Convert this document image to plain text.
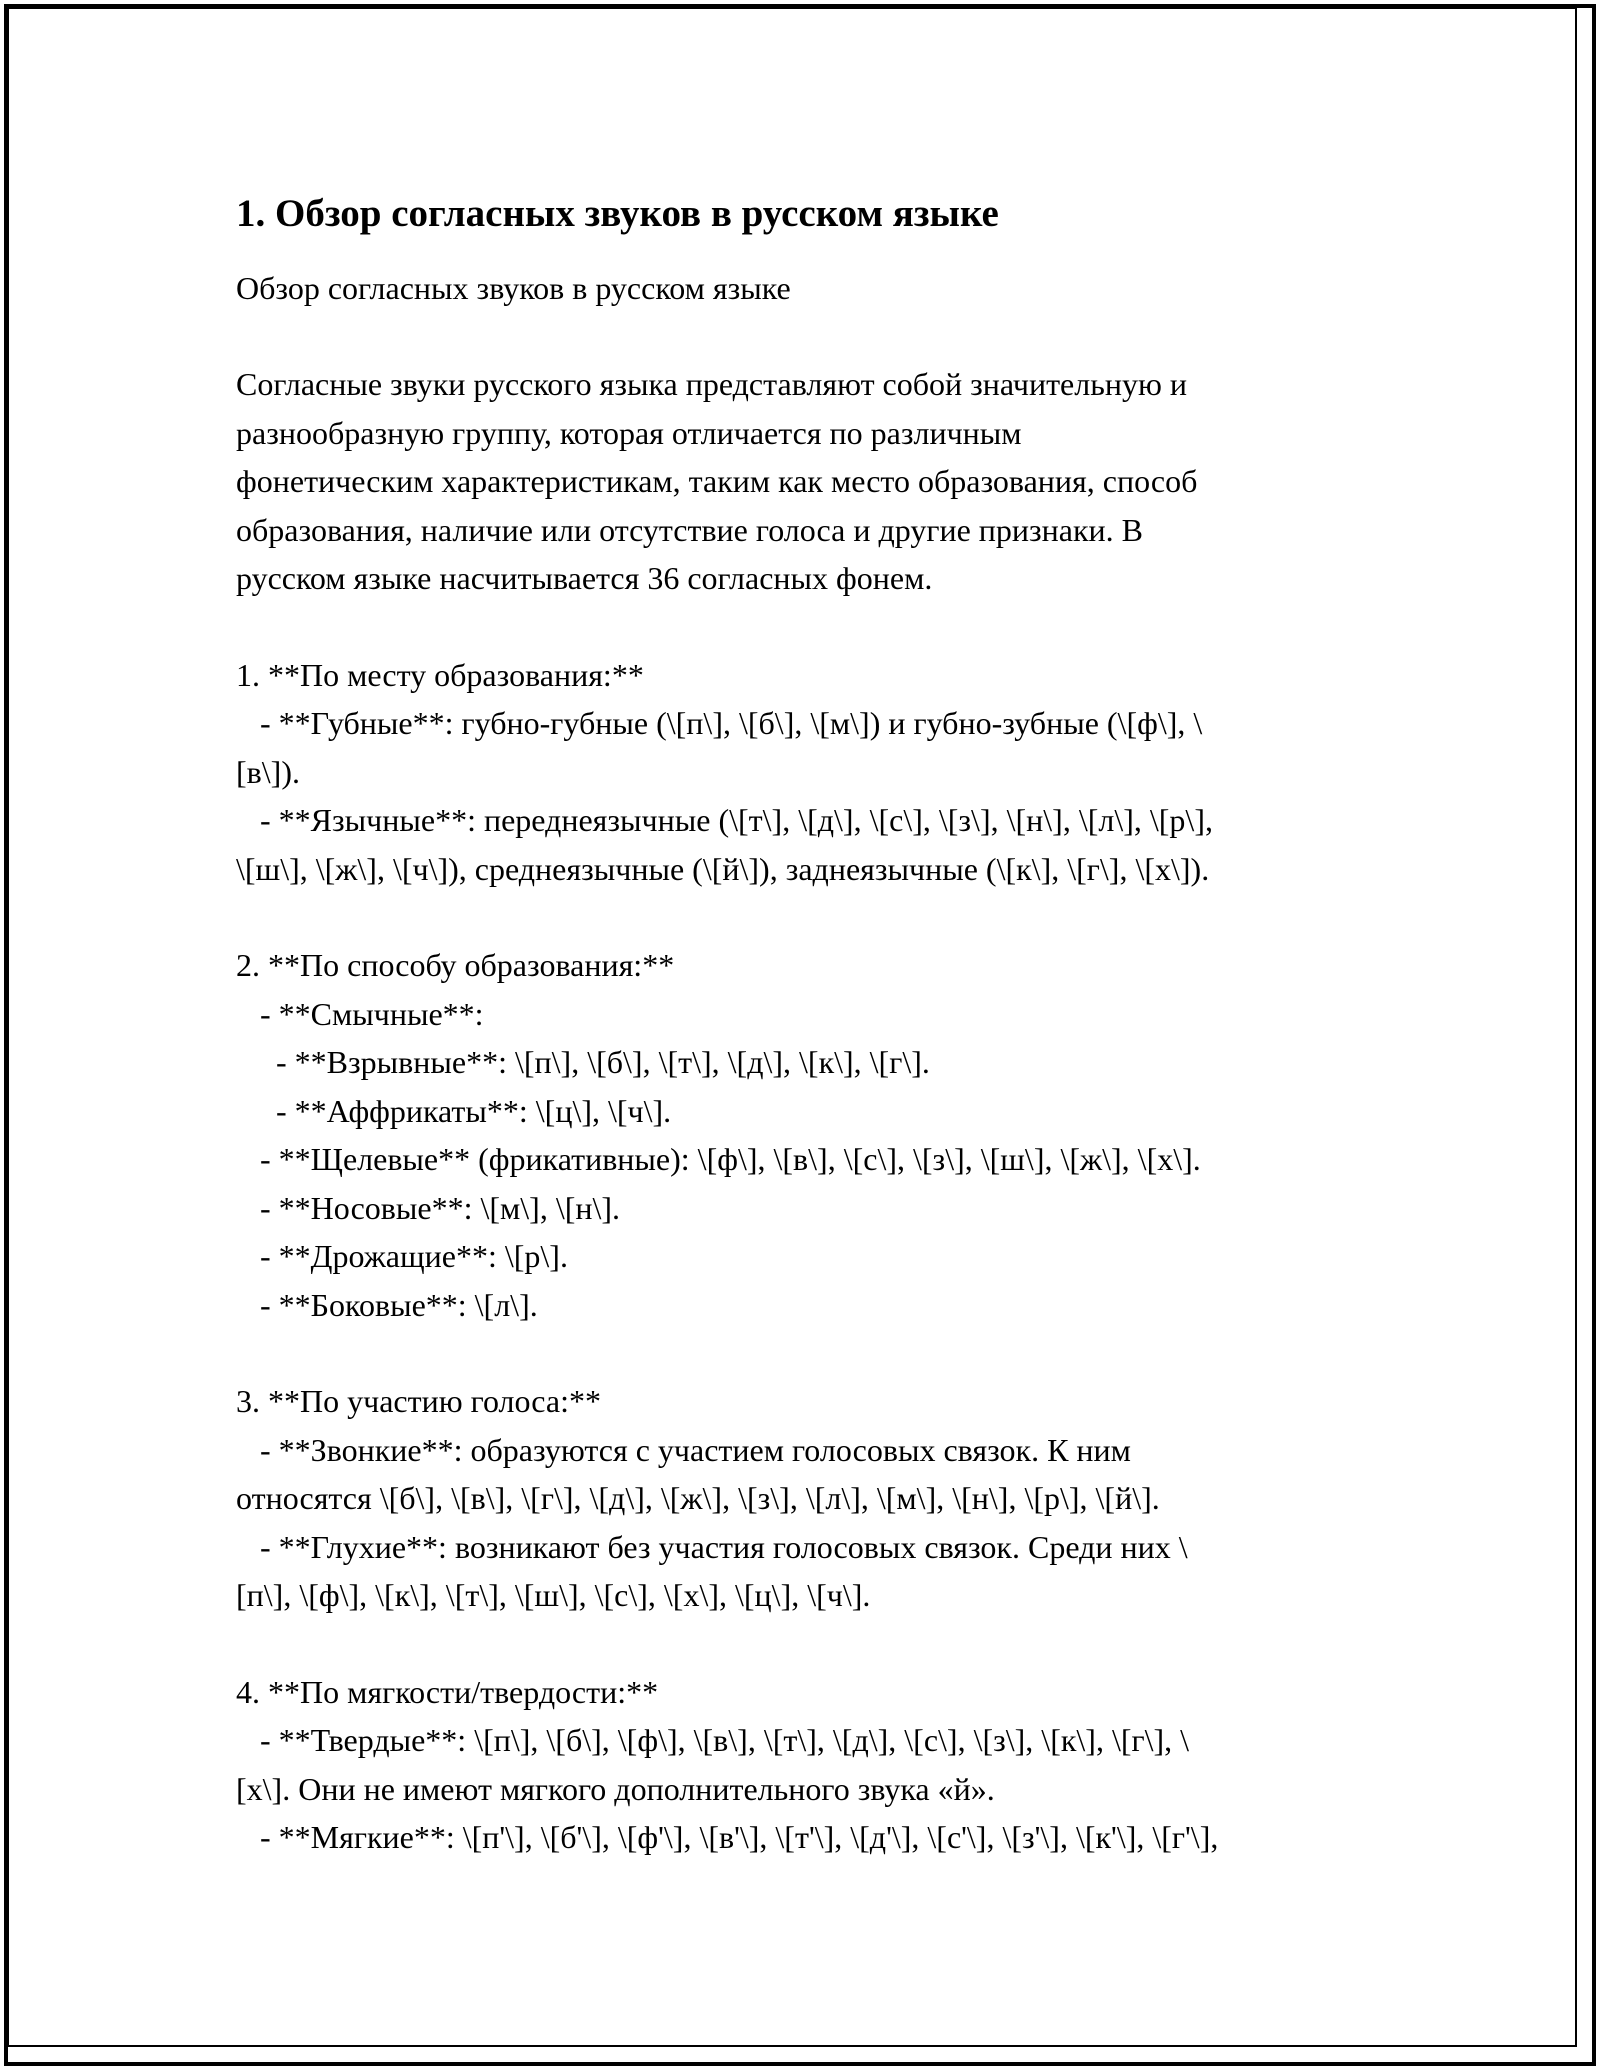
1. Обзор согласных звуков в русском языке
Обзор согласных звуков в русском языке
Согласные звуки русского языка представляют собой значительную и
разнообразную группу, которая отличается по различным
фонетическим характеристикам, таким как место образования, способ
образования, наличие или отсутствие голоса и другие признаки. В
русском языке насчитывается 36 согласных фонем.
1. **По месту образования:**
- **Губные**: губно-губные (\[п\], \[б\], \[м\]) и губно-зубные (\[ф\], \
[в\]).
- **Язычные**: переднеязычные (\[т\], \[д\], \[с\], \[з\], \[н\], \[л\], \[р\],
\[ш\], \[ж\], \[ч\]), среднеязычные (\[й\]), заднеязычные (\[к\], \[г\], \[х\]).
2. **По способу образования:**
- **Смычные**:
- **Взрывные**: \[п\], \[б\], \[т\], \[д\], \[к\], \[г\].
- **Аффрикаты**: \[ц\], \[ч\].
- **Щелевые** (фрикативные): \[ф\], \[в\], \[с\], \[з\], \[ш\], \[ж\], \[х\].
- **Носовые**: \[м\], \[н\].
- **Дрожащие**: \[р\].
- **Боковые**: \[л\].
3. **По участию голоса:**
- **Звонкие**: образуются с участием голосовых связок. К ним
относятся \[б\], \[в\], \[г\], \[д\], \[ж\], \[з\], \[л\], \[м\], \[н\], \[р\], \[й\].
- **Глухие**: возникают без участия голосовых связок. Среди них \
[п\], \[ф\], \[к\], \[т\], \[ш\], \[с\], \[х\], \[ц\], \[ч\].
4. **По мягкости/твердости:**
- **Твердые**: \[п\], \[б\], \[ф\], \[в\], \[т\], \[д\], \[с\], \[з\], \[к\], \[г\], \
[х\]. Они не имеют мягкого дополнительного звука «й».
- **Мягкие**: \[п'\], \[б'\], \[ф'\], \[в'\], \[т'\], \[д'\], \[с'\], \[з'\], \[к'\], \[г'\],
